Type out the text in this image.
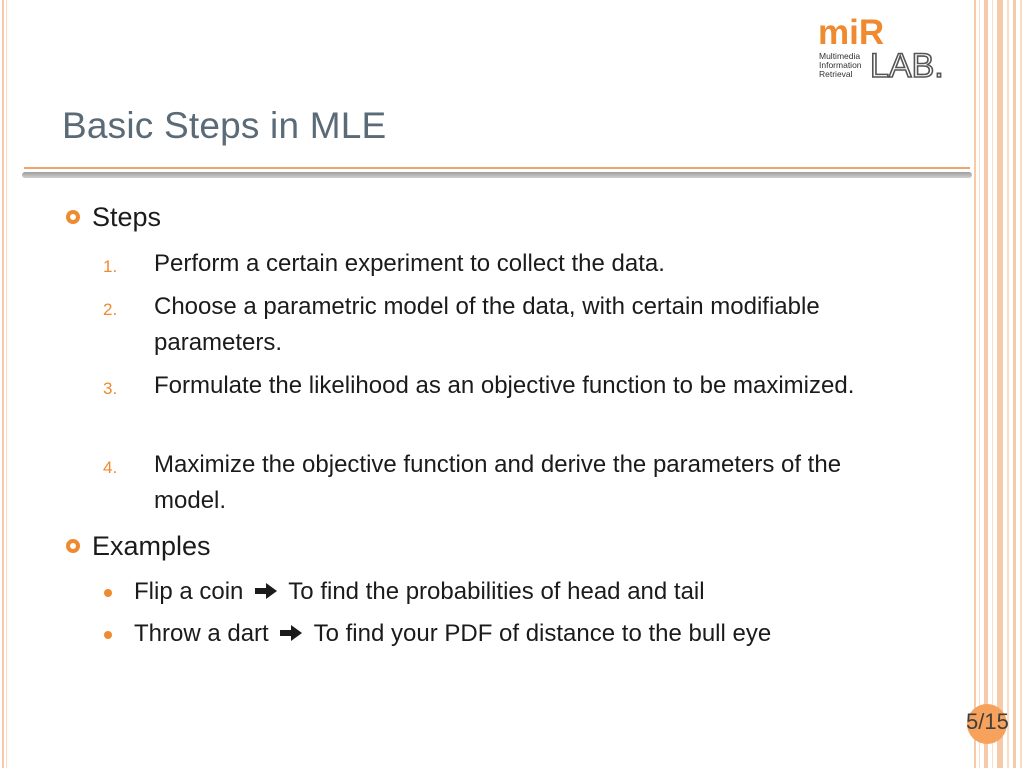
miR
Multimedia
Information
Retrieval LAB.
Basic Steps in MLE
Steps
1. Perform a certain experiment to collect the data.
2. Choose a parametric model of the data, with certain modifiable parameters.
3. Formulate the likelihood as an objective function to be maximized.
4. Maximize the objective function and derive the parameters of the model.
Examples
Flip a coin To find the probabilities of head and tail
Throw a dart To find your PDF of distance to the bull eye
5/15
